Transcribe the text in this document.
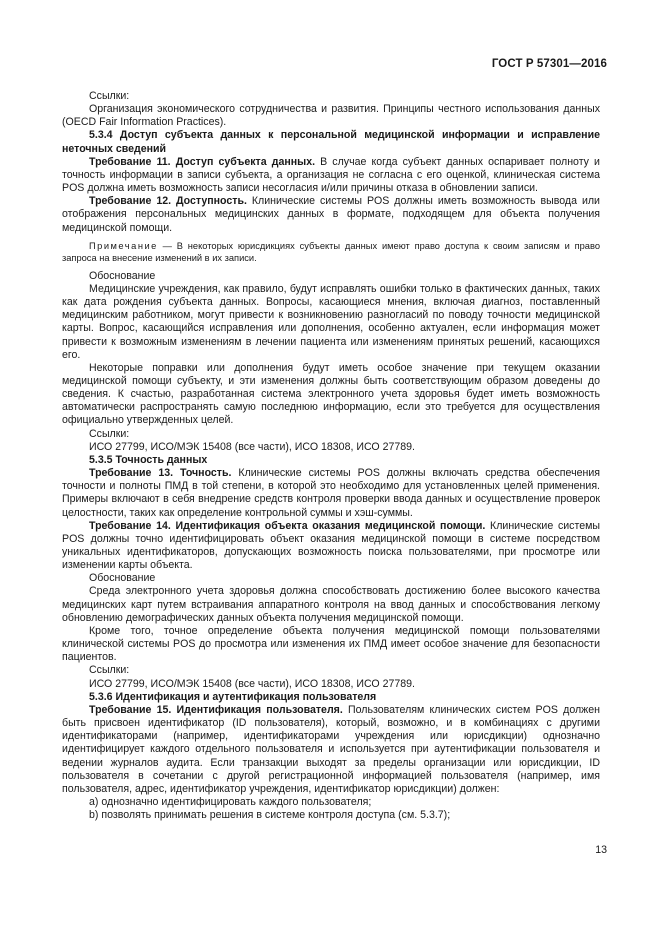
ГОСТ Р 57301—2016

Ссылки:

Организация экономического сотрудничества и развития. Принципы честного использования данных (OECD Fair Information Practices).

5.3.4 Доступ субъекта данных к персональной медицинской информации и исправление неточных сведений

Требование 11. Доступ субъекта данных. В случае когда субъект данных оспаривает полноту и точность информации в записи субъекта, а организация не согласна с его оценкой, клиническая система POS должна иметь возможность записи несогласия и/или причины отказа в обновлении записи.

Требование 12. Доступность. Клинические системы POS должны иметь возможность вывода или отображения персональных медицинских данных в формате, подходящем для объекта получения медицинской помощи.

Примечание — В некоторых юрисдикциях субъекты данных имеют право доступа к своим записям и право запроса на внесение изменений в их записи.

Обоснование

Медицинские учреждения, как правило, будут исправлять ошибки только в фактических данных, таких как дата рождения субъекта данных. Вопросы, касающиеся мнения, включая диагноз, поставленный медицинским работником, могут привести к возникновению разногласий по поводу точности медицинской карты. Вопрос, касающийся исправления или дополнения, особенно актуален, если информация может привести к возможным изменениям в лечении пациента или изменениям принятых решений, касающихся его.

Некоторые поправки или дополнения будут иметь особое значение при текущем оказании медицинской помощи субъекту, и эти изменения должны быть соответствующим образом доведены до сведения. К счастью, разработанная система электронного учета здоровья будет иметь возможность автоматически распространять самую последнюю информацию, если это требуется для осуществления официально утвержденных целей.

Ссылки:

ИСО 27799, ИСО/МЭК 15408 (все части), ИСО 18308, ИСО 27789.

5.3.5 Точность данных

Требование 13. Точность. Клинические системы POS должны включать средства обеспечения точности и полноты ПМД в той степени, в которой это необходимо для установленных целей применения. Примеры включают в себя внедрение средств контроля проверки ввода данных и осуществление проверок целостности, таких как определение контрольной суммы и хэш-суммы.

Требование 14. Идентификация объекта оказания медицинской помощи. Клинические системы POS должны точно идентифицировать объект оказания медицинской помощи в системе посредством уникальных идентификаторов, допускающих возможность поиска пользователями, при просмотре или изменении карты объекта.

Обоснование

Среда электронного учета здоровья должна способствовать достижению более высокого качества медицинских карт путем встраивания аппаратного контроля на ввод данных и способствования легкому обновлению демографических данных объекта получения медицинской помощи.

Кроме того, точное определение объекта получения медицинской помощи пользователями клинической системы POS до просмотра или изменения их ПМД имеет особое значение для безопасности пациентов.

Ссылки:

ИСО 27799, ИСО/МЭК 15408 (все части), ИСО 18308, ИСО 27789.

5.3.6 Идентификация и аутентификация пользователя

Требование 15. Идентификация пользователя. Пользователям клинических систем POS должен быть присвоен идентификатор (ID пользователя), который, возможно, и в комбинациях с другими идентификаторами (например, идентификаторами учреждения или юрисдикции) однозначно идентифицирует каждого отдельного пользователя и используется при аутентификации пользователя и ведении журналов аудита. Если транзакции выходят за пределы организации или юрисдикции, ID пользователя в сочетании с другой регистрационной информацией пользователя (например, имя пользователя, адрес, идентификатор учреждения, идентификатор юрисдикции) должен:

a) однозначно идентифицировать каждого пользователя;

b) позволять принимать решения в системе контроля доступа (см. 5.3.7);

13
